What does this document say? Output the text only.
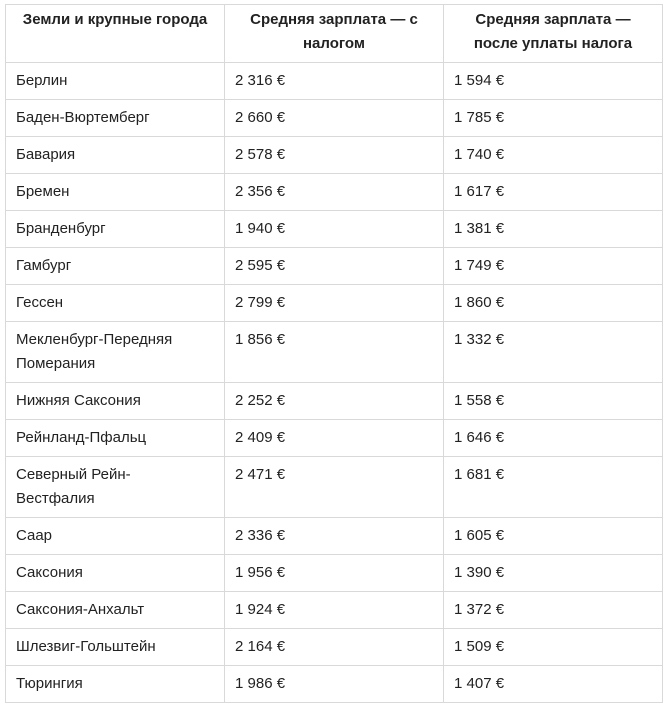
Земли и крупные города	Средняя зарплата — с налогом	Средняя зарплата — после уплаты налога
Берлин	2 316 €	1 594 €
Баден-Вюртемберг	2 660 €	1 785 €
Бавария	2 578 €	1 740 €
Бремен	2 356 €	1 617 €
Бранденбург	1 940 €	1 381 €
Гамбург	2 595 €	1 749 €
Гессен	2 799 €	1 860 €
Мекленбург-Передняя Померания	1 856 €	1 332 €
Нижняя Саксония	2 252 €	1 558 €
Рейнланд-Пфальц	2 409 €	1 646 €
Северный Рейн-Вестфалия	2 471 €	1 681 €
Саар	2 336 €	1 605 €
Саксония	1 956 €	1 390 €
Саксония-Анхальт	1 924 €	1 372 €
Шлезвиг-Гольштейн	2 164 €	1 509 €
Тюрингия	1 986 €	1 407 €
